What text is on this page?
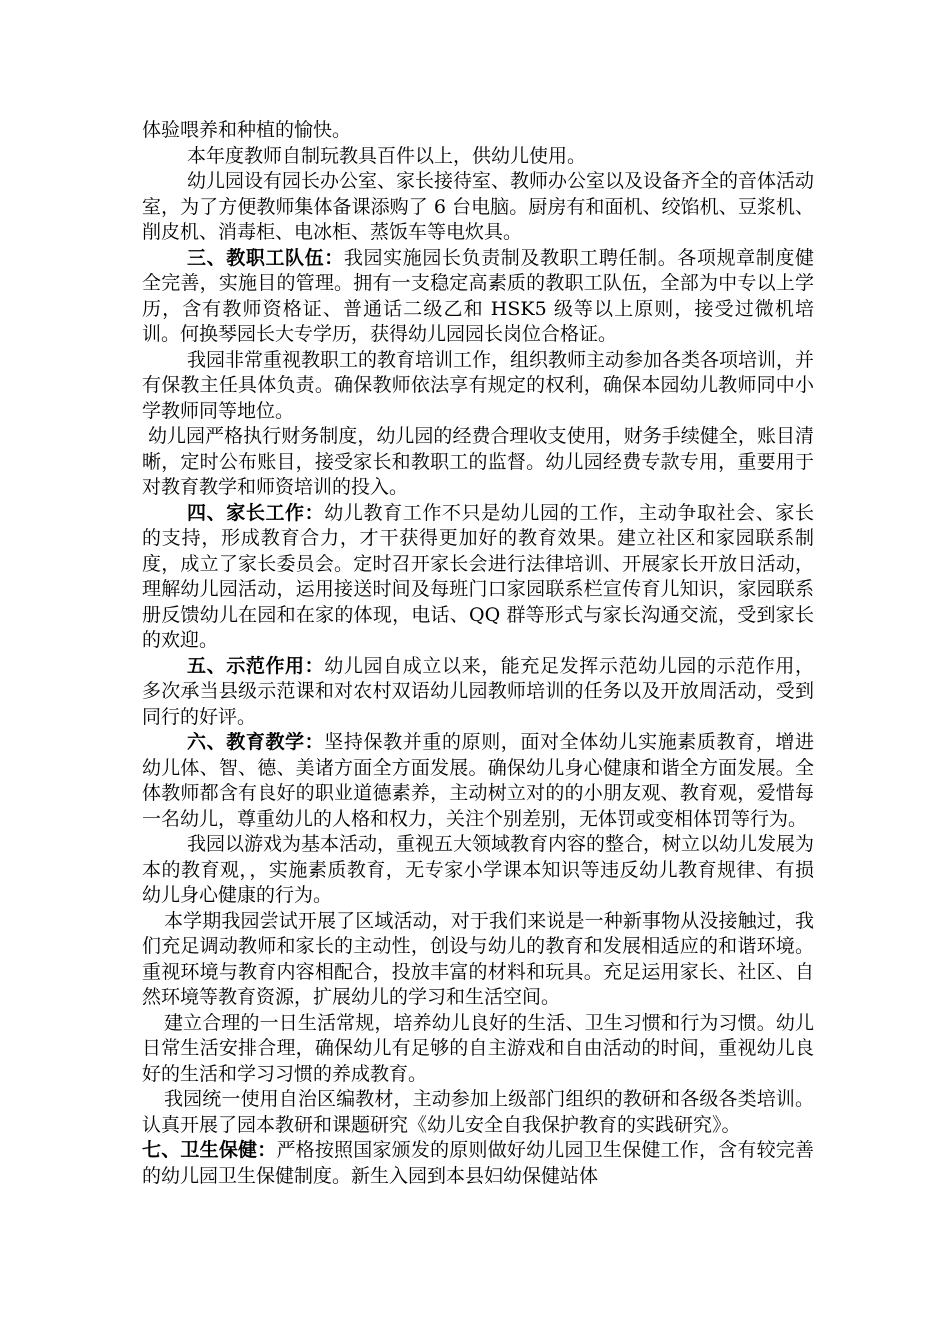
体验喂养和种植的愉快。

本年度教师自制玩教具百件以上，供幼儿使用。

幼儿园设有园长办公室、家长接待室、教师办公室以及设备齐全的音体活动室，为了方便教师集体备课添购了 6 台电脑。厨房有和面机、绞馅机、豆浆机、削皮机、消毒柜、电冰柜、蒸饭车等电炊具。

三、教职工队伍：我园实施园长负责制及教职工聘任制。各项规章制度健全完善，实施目的管理。拥有一支稳定高素质的教职工队伍，全部为中专以上学历，含有教师资格证、普通话二级乙和 HSK5 级等以上原则，接受过微机培训。何换琴园长大专学历，获得幼儿园园长岗位合格证。

我园非常重视教职工的教育培训工作，组织教师主动参加各类各项培训，并有保教主任具体负责。确保教师依法享有规定的权利，确保本园幼儿教师同中小学教师同等地位。

幼儿园严格执行财务制度，幼儿园的经费合理收支使用，财务手续健全，账目清晰，定时公布账目，接受家长和教职工的监督。幼儿园经费专款专用，重要用于对教育教学和师资培训的投入。

四、家长工作：幼儿教育工作不只是幼儿园的工作，主动争取社会、家长的支持，形成教育合力，才干获得更加好的教育效果。建立社区和家园联系制度，成立了家长委员会。定时召开家长会进行法律培训、开展家长开放日活动，理解幼儿园活动，运用接送时间及每班门口家园联系栏宣传育儿知识，家园联系册反馈幼儿在园和在家的体现，电话、QQ 群等形式与家长沟通交流，受到家长的欢迎。

五、示范作用：幼儿园自成立以来，能充足发挥示范幼儿园的示范作用，多次承当县级示范课和对农村双语幼儿园教师培训的任务以及开放周活动，受到同行的好评。

六、教育教学：坚持保教并重的原则，面对全体幼儿实施素质教育，增进幼儿体、智、德、美诸方面全方面发展。确保幼儿身心健康和谐全方面发展。全体教师都含有良好的职业道德素养，主动树立对的的小朋友观、教育观，爱惜每一名幼儿，尊重幼儿的人格和权力，关注个别差别，无体罚或变相体罚等行为。

我园以游戏为基本活动，重视五大领域教育内容的整合，树立以幼儿发展为本的教育观，，实施素质教育，无专家小学课本知识等违反幼儿教育规律、有损幼儿身心健康的行为。

本学期我园尝试开展了区域活动，对于我们来说是一种新事物从没接触过，我们充足调动教师和家长的主动性，创设与幼儿的教育和发展相适应的和谐环境。重视环境与教育内容相配合，投放丰富的材料和玩具。充足运用家长、社区、自然环境等教育资源，扩展幼儿的学习和生活空间。

建立合理的一日生活常规，培养幼儿良好的生活、卫生习惯和行为习惯。幼儿日常生活安排合理，确保幼儿有足够的自主游戏和自由活动的时间，重视幼儿良好的生活和学习习惯的养成教育。

我园统一使用自治区编教材，主动参加上级部门组织的教研和各级各类培训。认真开展了园本教研和课题研究《幼儿安全自我保护教育的实践研究》。

七、卫生保健：严格按照国家颁发的原则做好幼儿园卫生保健工作，含有较完善的幼儿园卫生保健制度。新生入园到本县妇幼保健站体
